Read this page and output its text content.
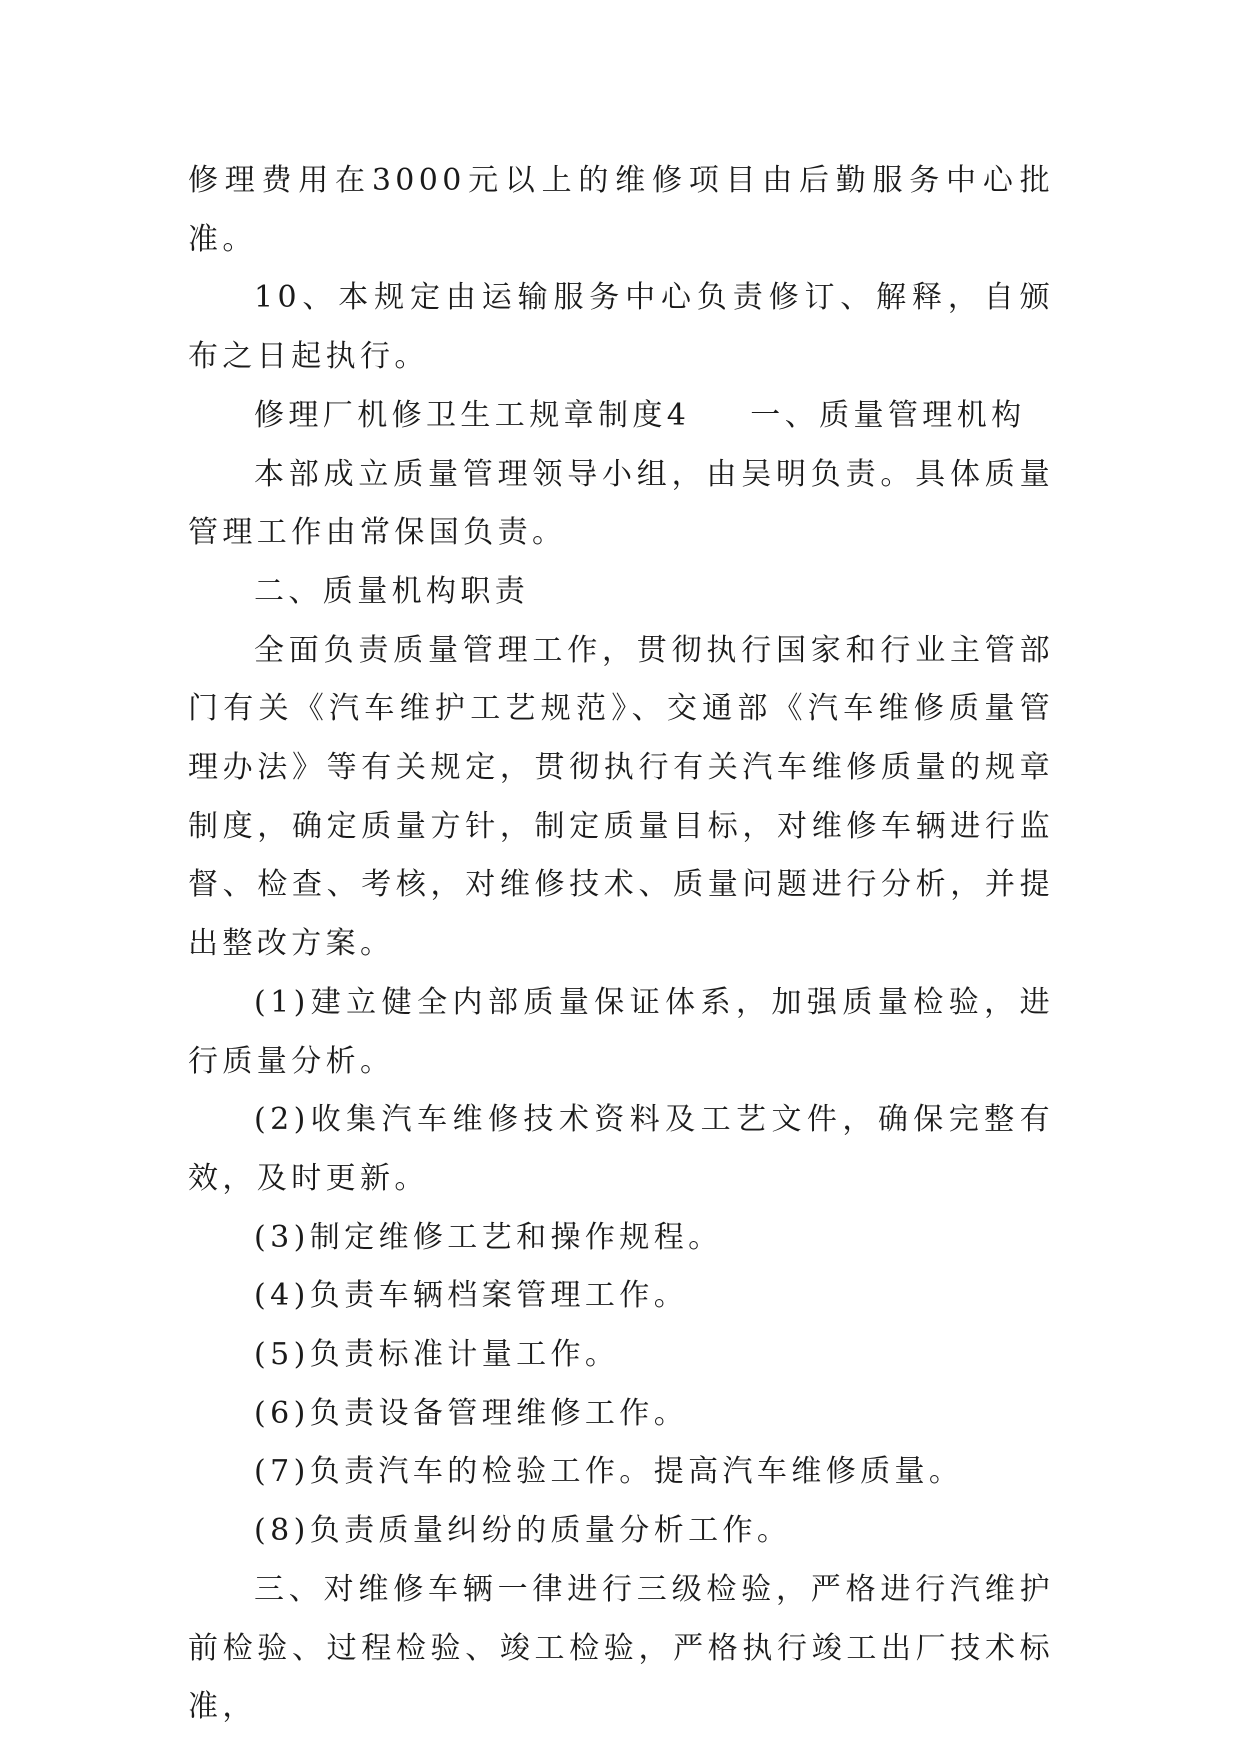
修理费用在3000元以上的维修项目由后勤服务中心批准。

10、本规定由运输服务中心负责修订、解释，自颁布之日起执行。

修理厂机修卫生工规章制度4 一、质量管理机构

本部成立质量管理领导小组，由吴明负责。具体质量管理工作由常保国负责。

二、质量机构职责

全面负责质量管理工作，贯彻执行国家和行业主管部门有关《汽车维护工艺规范》、交通部《汽车维修质量管理办法》等有关规定，贯彻执行有关汽车维修质量的规章制度，确定质量方针，制定质量目标，对维修车辆进行监督、检查、考核，对维修技术、质量问题进行分析，并提出整改方案。

(1)建立健全内部质量保证体系，加强质量检验，进行质量分析。

(2)收集汽车维修技术资料及工艺文件，确保完整有效，及时更新。

(3)制定维修工艺和操作规程。

(4)负责车辆档案管理工作。

(5)负责标准计量工作。

(6)负责设备管理维修工作。

(7)负责汽车的检验工作。提高汽车维修质量。

(8)负责质量纠纷的质量分析工作。

三、对维修车辆一律进行三级检验，严格进行汽维护前检验、过程检验、竣工检验，严格执行竣工出厂技术标准，
